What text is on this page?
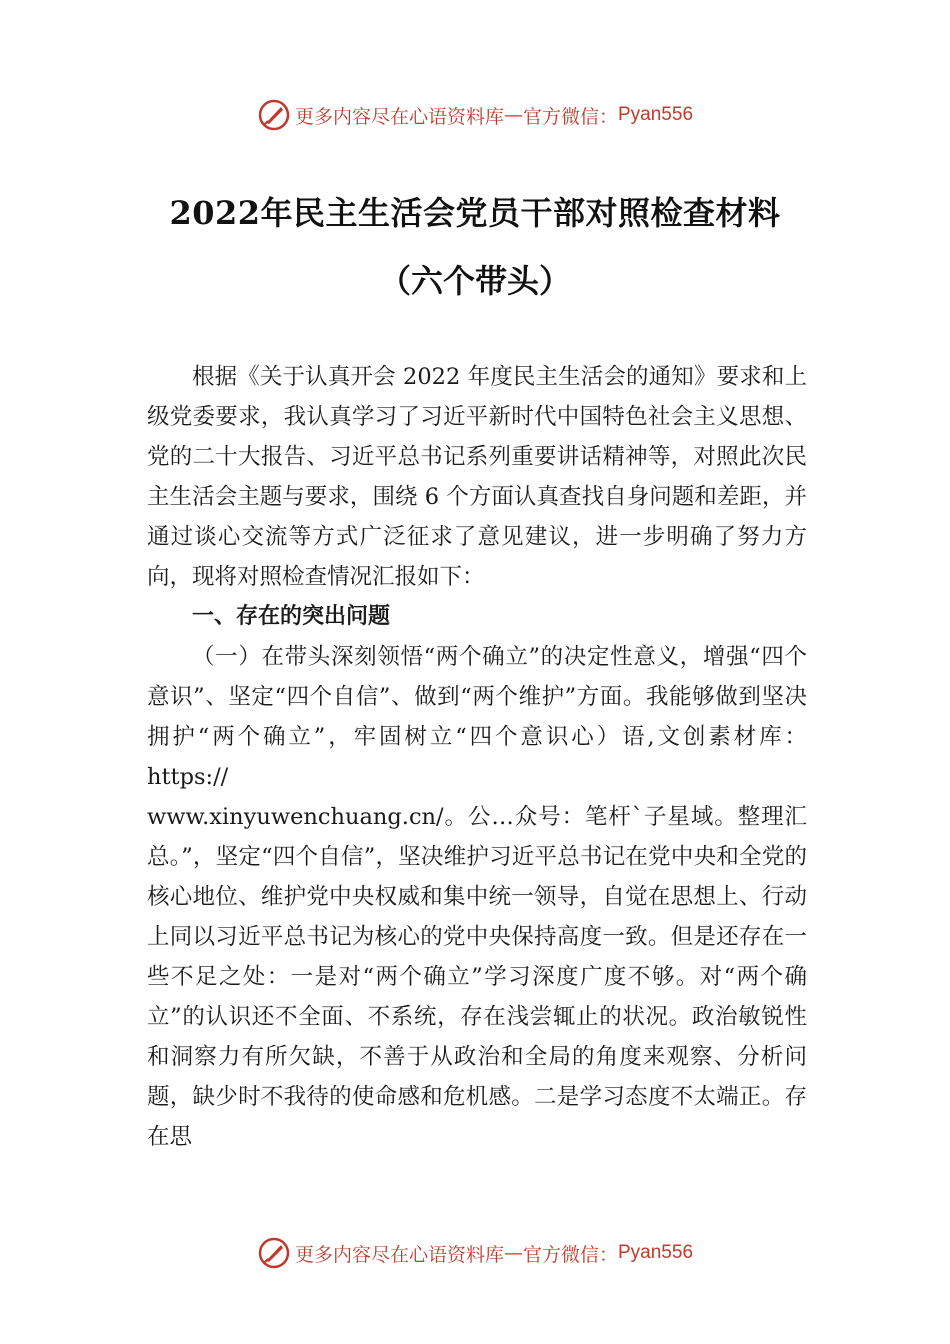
更多内容尽在心语资料库 — 官方微信： Pyan556
2022年民主生活会党员干部对照检查材料
（六个带头）

根据《关于认真开会 2022 年度民主生活会的通知》要求和上级党委要求，我认真学习了习近平新时代中国特色社会主义思想、党的二十大报告、习近平总书记系列重要讲话精神等，对照此次民主生活会主题与要求，围绕 6 个方面认真查找自身问题和差距，并通过谈心交流等方式广泛征求了意见建议，进一步明确了努力方向，现将对照检查情况汇报如下：

一、存在的突出问题

（一）在带头深刻领悟“两个确立”的决定性意义，增强“四个意识”、坚定“四个自信”、做到“两个维护”方面。我能够做到坚决拥护“两个确立”，牢固树立“四个意识心）语,文创素材库：https://

www.xinyuwenchuang.cn/。公…众号：笔杆`子星域。整理汇总。”，坚定“四个自信”，坚决维护习近平总书记在党中央和全党的核心地位、维护党中央权威和集中统一领导，自觉在思想上、行动上同以习近平总书记为核心的党中央保持高度一致。但是还存在一些不足之处：一是对“两个确立”学习深度广度不够。对“两个确立”的认识还不全面、不系统，存在浅尝辄止的状况。政治敏锐性和洞察力有所欠缺，不善于从政治和全局的角度来观察、分析问题，缺少时不我待的使命感和危机感。二是学习态度不太端正。存在思

更多内容尽在心语资料库 — 官方微信： Pyan556
